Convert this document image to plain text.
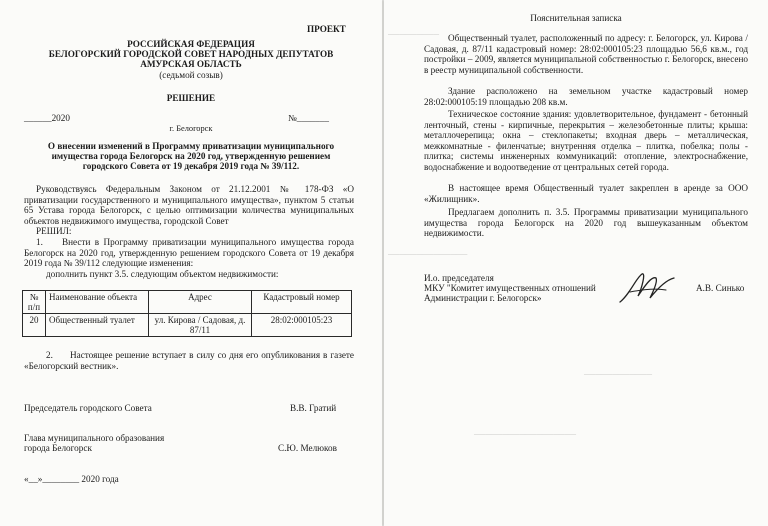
ПРОЕКТ
РОССИЙСКАЯ ФЕДЕРАЦИЯ
БЕЛОГОРСКИЙ ГОРОДСКОЙ СОВЕТ НАРОДНЫХ ДЕПУТАТОВ
АМУРСКАЯ ОБЛАСТЬ
(седьмой созыв)
РЕШЕНИЕ
______2020	№_______
г. Белогорск
О внесении изменений в Программу приватизации муниципального
имущества города Белогорск на 2020 год, утвержденную решением
городского Совета от 19 декабря 2019 года № 39/112.
Руководствуясь Федеральным Законом от 21.12.2001 № 178-ФЗ «О приватизации государственного и муниципального имущества», пунктом 5 статьи 65 Устава города Белогорск, с целью оптимизации количества муниципальных объектов недвижимого имущества, городской Совет
РЕШИЛ:
1.	Внести в Программу приватизации муниципального имущества города Белогорск на 2020 год, утвержденную решением городского Совета от 19 декабря 2019 года № 39/112 следующие изменения:
дополнить пункт 3.5. следующим объектом недвижимости:
№ п/п	Наименование объекта	Адрес	Кадастровый номер
20	Общественный туалет	ул. Кирова / Садовая, д. 87/11	28:02:000105:23
2.	Настоящее решение вступает в силу со дня его опубликования в газете «Белогорский вестник».
Председатель городского Совета	В.В. Гратий
Глава муниципального образования
города Белогорск	С.Ю. Мелюков
«__»________ 2020 года
─────────
──────────────
────────────
──────────────────
Пояснительная записка
Общественный туалет, расположенный по адресу: г. Белогорск, ул. Кирова /Садовая, д. 87/11 кадастровый номер: 28:02:000105:23 площадью 56,6 кв.м., год постройки – 2009, является муниципальной собственностью г. Белогорск, внесено в реестр муниципальной собственности.
Здание расположено на земельном участке кадастровый номер 28:02:000105:19 площадью 208 кв.м.
Техническое состояние здания: удовлетворительное, фундамент - бетонный ленточный, стены - кирпичные, перекрытия – железобетонные плиты; крыша: металлочерепица; окна – стеклопакеты; входная дверь – металлическая, межкомнатные - филенчатые; внутренняя отделка – плитка, побелка; полы - плитка; системы инженерных коммуникаций: отопление, электроснабжение, водоснабжение и водоотведение от центральных сетей города.
В настоящее время Общественный туалет закреплен в аренде за ООО «Жилищник».
Предлагаем дополнить п. 3.5. Программы приватизации муниципального имущества города Белогорск на 2020 год вышеуказанным объектом недвижимости.
И.о. председателя
МКУ "Комитет имущественных отношений
Администрации г. Белогорск»
А.В. Синько
